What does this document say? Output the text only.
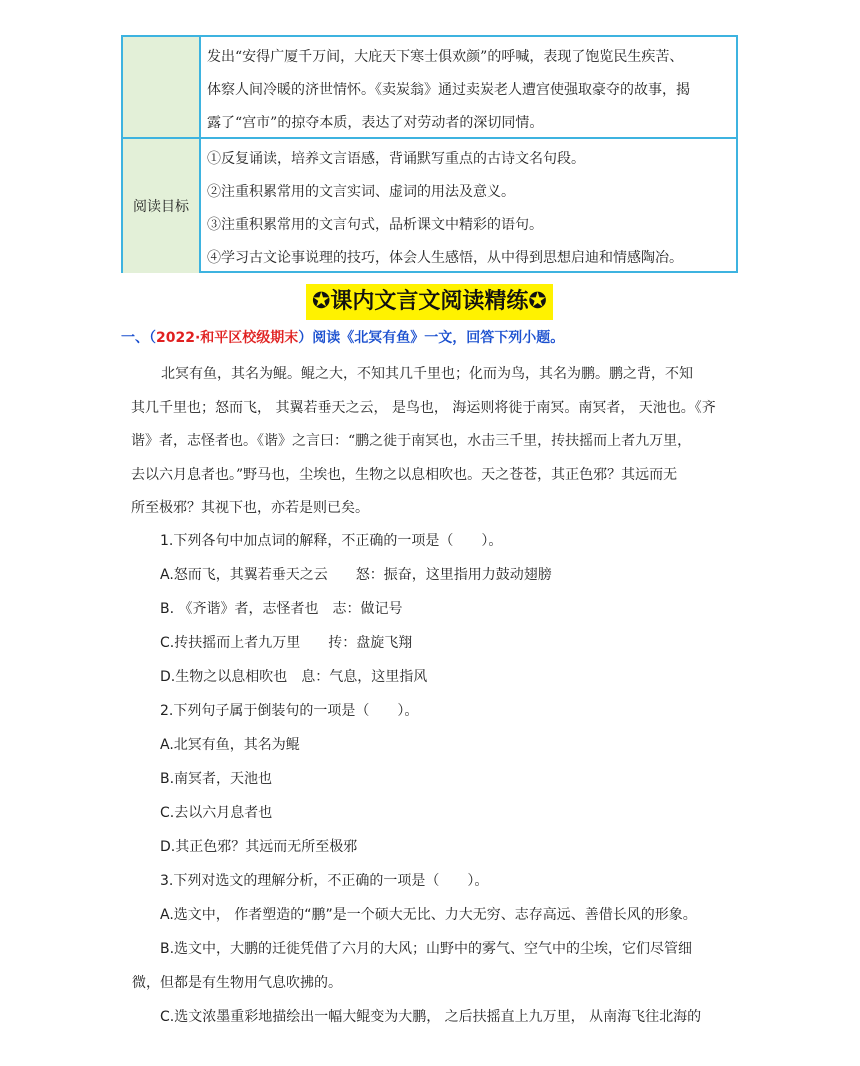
发出“安得广厦千万间，大庇天下寒士俱欢颜”的呼喊，表现了饱览民生疾苦、

体察人间冷暖的济世情怀。《卖炭翁》通过卖炭老人遭宫使强取豪夺的故事，揭

露了“宫市”的掠夺本质，表达了对劳动者的深切同情。

阅读目标

①反复诵读，培养文言语感，背诵默写重点的古诗文名句段。

②注重积累常用的文言实词、虚词的用法及意义。

③注重积累常用的文言句式，品析课文中精彩的语句。

④学习古文论事说理的技巧，体会人生感悟，从中得到思想启迪和情感陶冶。

✪课内文言文阅读精练✪
一、（2022·和平区校级期末）阅读《北冥有鱼》一文，回答下列小题。

北冥有鱼，其名为鲲。鲲之大，不知其几千里也；化而为鸟，其名为鹏。鹏之背，不知

其几千里也；怒而飞， 其翼若垂天之云， 是鸟也， 海运则将徙于南冥。南冥者， 天池也。《齐

谐》者，志怪者也。《谐》之言曰：“鹏之徙于南冥也，水击三千里，抟扶摇而上者九万里，

去以六月息者也。”野马也，尘埃也，生物之以息相吹也。天之苍苍，其正色邪？其远而无

所至极邪？其视下也，亦若是则已矣。

1.下列各句中加点词的解释，不正确的一项是（　　）。
A.怒而飞，其翼若垂天之云　　怒：振奋，这里指用力鼓动翅膀
B. 《齐谐》者，志怪者也　志：做记号
C.抟扶摇而上者九万里　　抟：盘旋飞翔
D.生物之以息相吹也　息：气息，这里指风
2.下列句子属于倒装句的一项是（　　）。
A.北冥有鱼，其名为鲲
B.南冥者，天池也
C.去以六月息者也
D.其正色邪？其远而无所至极邪
3.下列对选文的理解分析，不正确的一项是（　　）。
A.选文中， 作者塑造的“鹏”是一个硕大无比、力大无穷、志存高远、善借长风的形象。
B.选文中，大鹏的迁徙凭借了六月的大风；山野中的雾气、空气中的尘埃，它们尽管细
微，但都是有生物用气息吹拂的。
C.选文浓墨重彩地描绘出一幅大鲲变为大鹏， 之后扶摇直上九万里， 从南海飞往北海的
